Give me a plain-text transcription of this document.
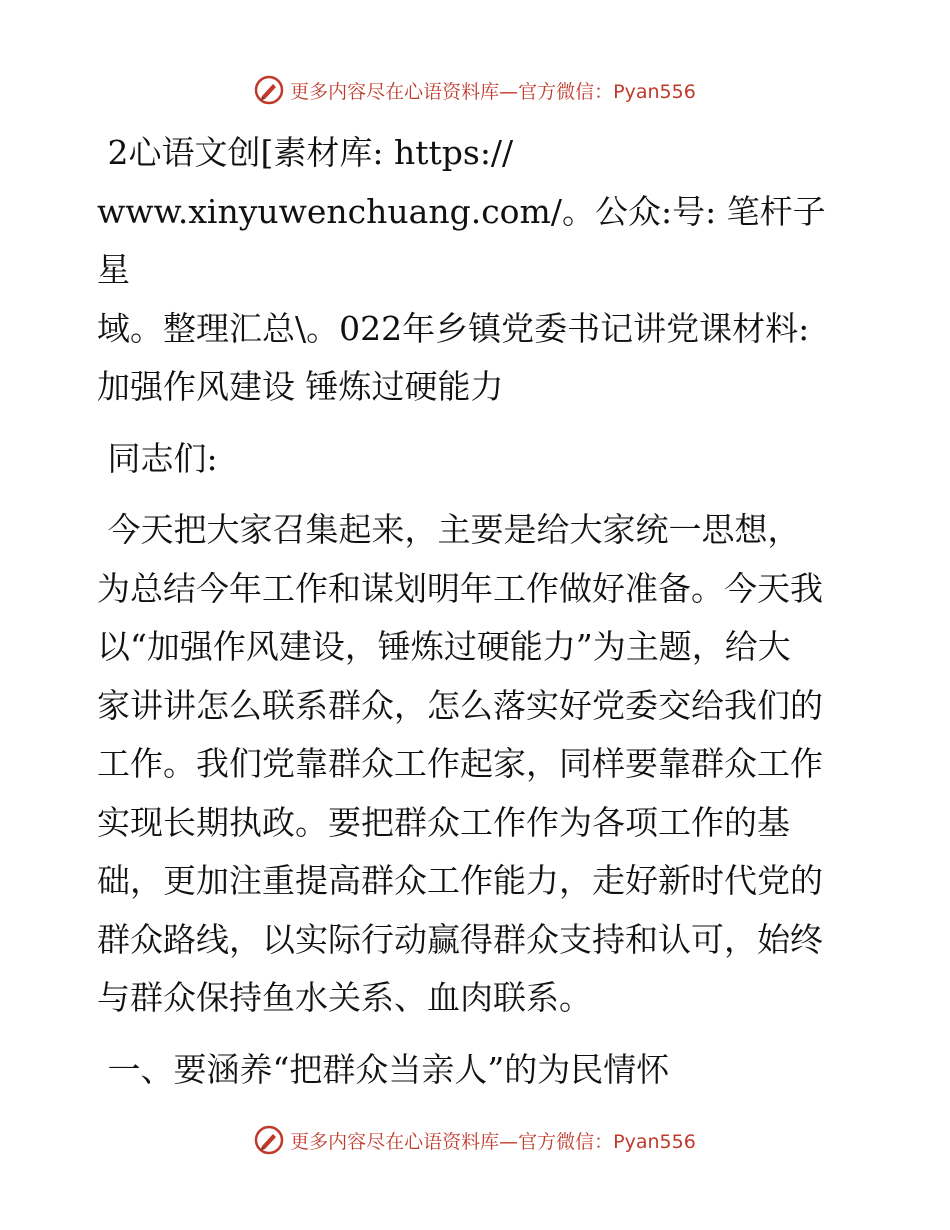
更多内容尽在心语资料库—官方微信：Pyan556

2心语文创[素材库: https://
www.xinyuwenchuang.com/。公众:号: 笔杆子星
域。整理汇总\。022年乡镇党委书记讲党课材料:
加强作风建设 锤炼过硬能力

同志们:

今天把大家召集起来，主要是给大家统一思想，
为总结今年工作和谋划明年工作做好准备。今天我
以“加强作风建设，锤炼过硬能力”为主题，给大
家讲讲怎么联系群众，怎么落实好党委交给我们的
工作。我们党靠群众工作起家，同样要靠群众工作
实现长期执政。要把群众工作作为各项工作的基
础，更加注重提高群众工作能力，走好新时代党的
群众路线，以实际行动赢得群众支持和认可，始终
与群众保持鱼水关系、血肉联系。

一、要涵养“把群众当亲人”的为民情怀

更多内容尽在心语资料库—官方微信：Pyan556
